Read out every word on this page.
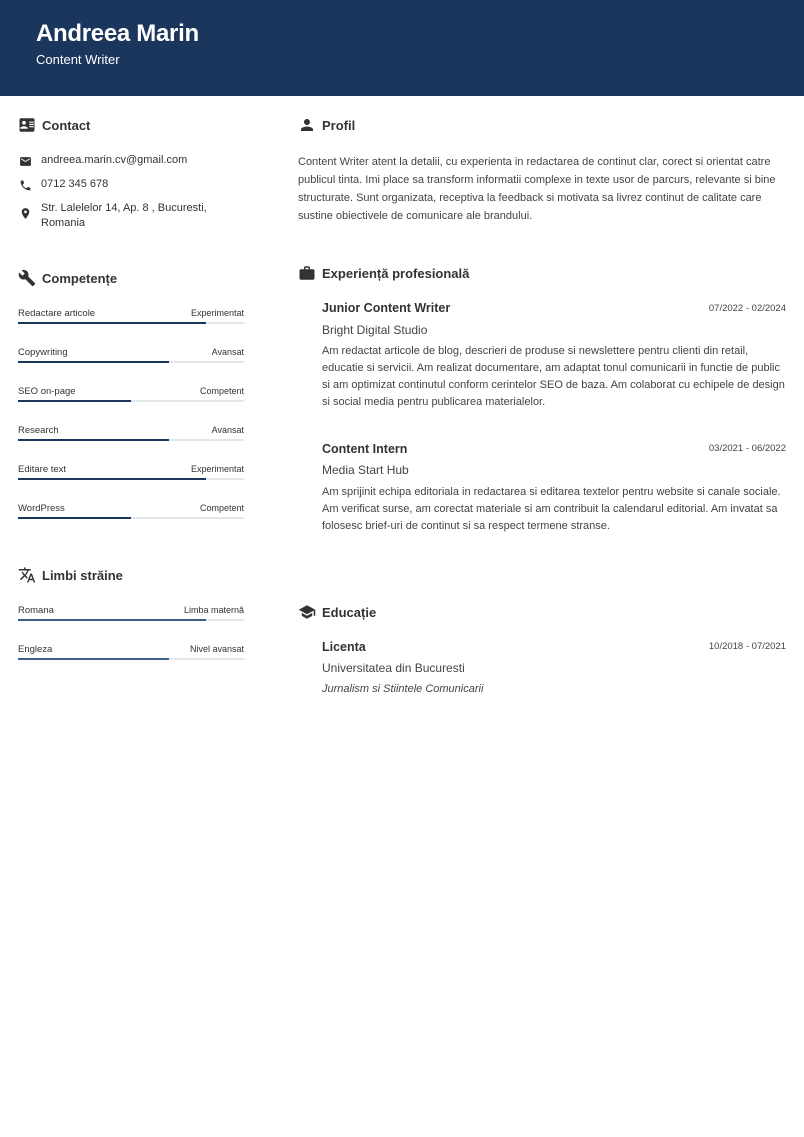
Andreea Marin
Content Writer
Contact
andreea.marin.cv@gmail.com
0712 345 678
Str. Lalelelor 14, Ap. 8 , Bucuresti,
Romania
Competențe
Redactare articole	Experimentat
Copywriting	Avansat
SEO on-page	Competent
Research	Avansat
Editare text	Experimentat
WordPress	Competent
Limbi străine
Romana	Limba maternă
Engleza	Nivel avansat
Profil
Content Writer atent la detalii, cu experienta in redactarea de continut clar, corect si orientat catre publicul tinta. Imi place sa transform informatii complexe in texte usor de parcurs, relevante si bine structurate. Sunt organizata, receptiva la feedback si motivata sa livrez continut de calitate care sustine obiectivele de comunicare ale brandului.
Experiență profesională
Junior Content Writer	07/2022 - 02/2024
Bright Digital Studio
Am redactat articole de blog, descrieri de produse si newslettere pentru clienti din retail, educatie si servicii. Am realizat documentare, am adaptat tonul comunicarii in functie de public si am optimizat continutul conform cerintelor SEO de baza. Am colaborat cu echipele de design si social media pentru publicarea materialelor.
Content Intern	03/2021 - 06/2022
Media Start Hub
Am sprijinit echipa editoriala in redactarea si editarea textelor pentru website si canale sociale. Am verificat surse, am corectat materiale si am contribuit la calendarul editorial. Am invatat sa folosesc brief-uri de continut si sa respect termene stranse.
Educație
Licenta	10/2018 - 07/2021
Universitatea din Bucuresti
Jurnalism si Stiintele Comunicarii
